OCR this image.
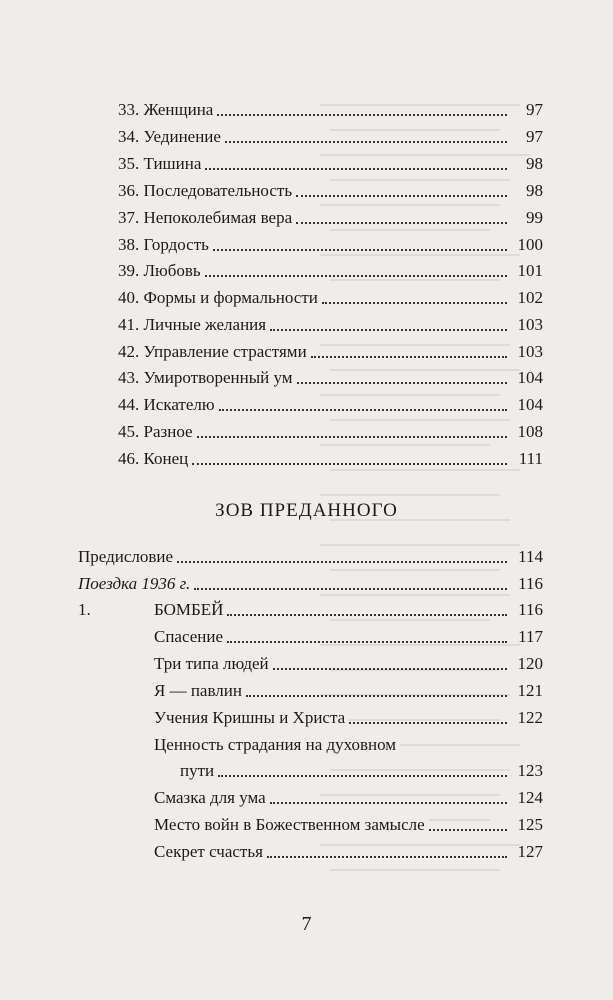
33. Женщина	97
34. Уединение	97
35. Тишина	98
36. Последовательность	98
37. Непоколебимая вера	99
38. Гордость	100
39. Любовь	101
40. Формы и формальности	102
41. Личные желания	103
42. Управление страстями	103
43. Умиротворенный ум	104
44. Искателю	104
45. Разное	108
46. Конец	111
ЗОВ ПРЕДАННОГО
Предисловие	114
Поездка 1936 г.	116
1.	БОМБЕЙ	116
Спасение	117
Три типа людей	120
Я — павлин	121
Учения Кришны и Христа	122
Ценность страдания на духовном
пути	123
Смазка для ума	124
Место войн в Божественном замысле	125
Секрет счастья	127
7
